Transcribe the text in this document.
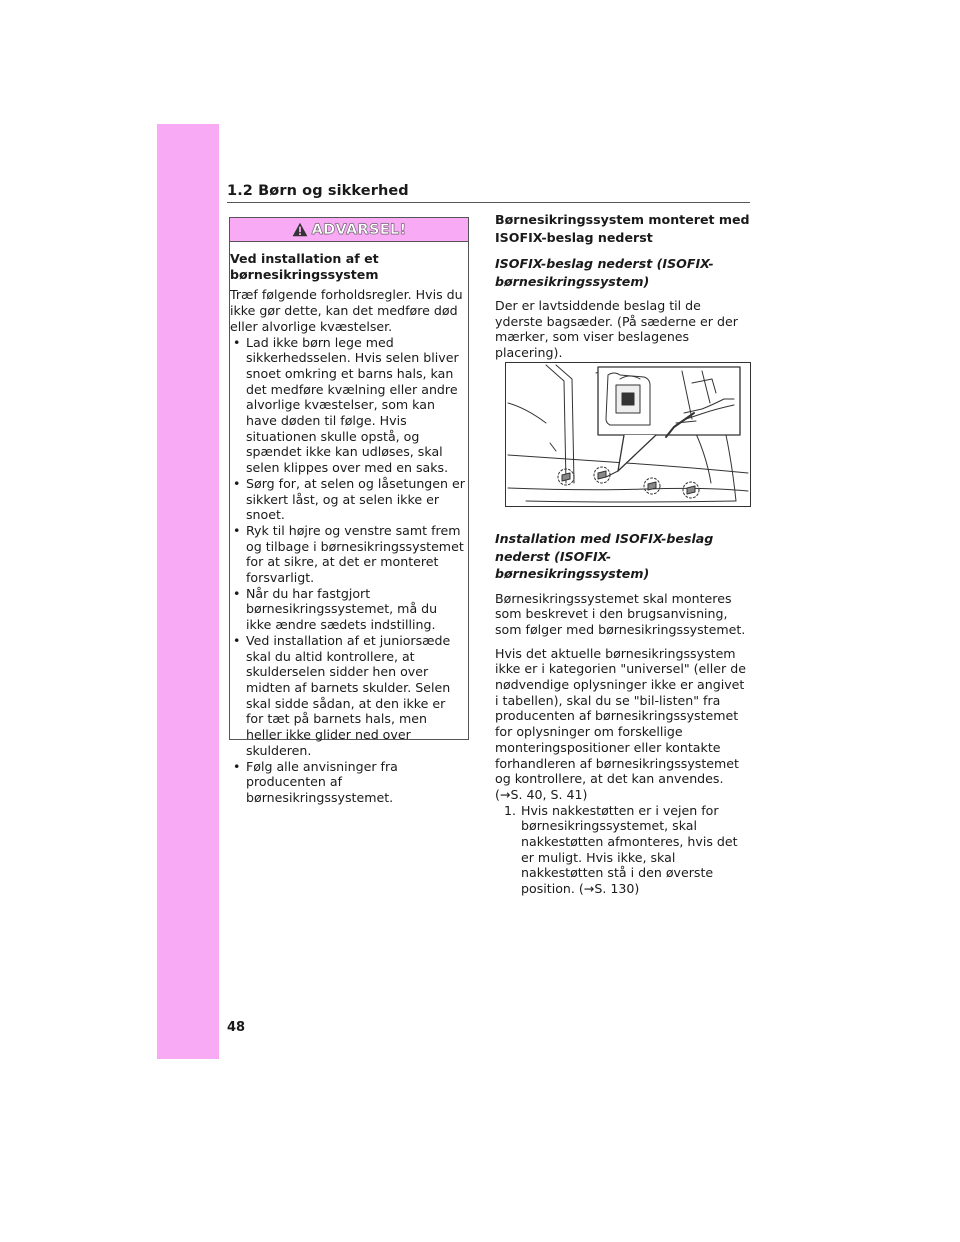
1.2 Børn og sikkerhed
ADVARSEL!

Ved installation af et børnesikringssystem

Træf følgende forholdsregler. Hvis du ikke gør dette, kan det medføre død eller alvorlige kvæstelser.

• Lad ikke børn lege med sikkerhedsselen. Hvis selen bliver snoet omkring et barns hals, kan det medføre kvælning eller andre alvorlige kvæstelser, som kan have døden til følge. Hvis situationen skulle opstå, og spændet ikke kan udløses, skal selen klippes over med en saks.

• Sørg for, at selen og låsetungen er sikkert låst, og at selen ikke er snoet.

• Ryk til højre og venstre samt frem og tilbage i børnesikringssystemet for at sikre, at det er monteret forsvarligt.

• Når du har fastgjort børnesikringssystemet, må du ikke ændre sædets indstilling.

• Ved installation af et juniorsæde skal du altid kontrollere, at skulderselen sidder hen over midten af barnets skulder. Selen skal sidde sådan, at den ikke er for tæt på barnets hals, men heller ikke glider ned over skulderen.

• Følg alle anvisninger fra producenten af børnesikringssystemet.

Børnesikringssystem monteret med ISOFIX-beslag nederst

ISOFIX-beslag nederst (ISOFIX-børnesikringssystem)

Der er lavtsiddende beslag til de yderste bagsæder. (På sæderne er der mærker, som viser beslagenes placering).

Installation med ISOFIX-beslag nederst (ISOFIX-børnesikringssystem)

Børnesikringssystemet skal monteres som beskrevet i den brugsanvisning, som følger med børnesikringssystemet.

Hvis det aktuelle børnesikringssystem ikke er i kategorien "universel" (eller de nødvendige oplysninger ikke er angivet i tabellen), skal du se "bil-listen" fra producenten af børnesikringssystemet for oplysninger om forskellige monteringspositioner eller kontakte forhandleren af børnesikringssystemet og kontrollere, at det kan anvendes. (→S. 40, S. 41)

1. Hvis nakkestøtten er i vejen for børnesikringssystemet, skal nakkestøtten afmonteres, hvis det er muligt. Hvis ikke, skal nakkestøtten stå i den øverste position. (→S. 130)

48
